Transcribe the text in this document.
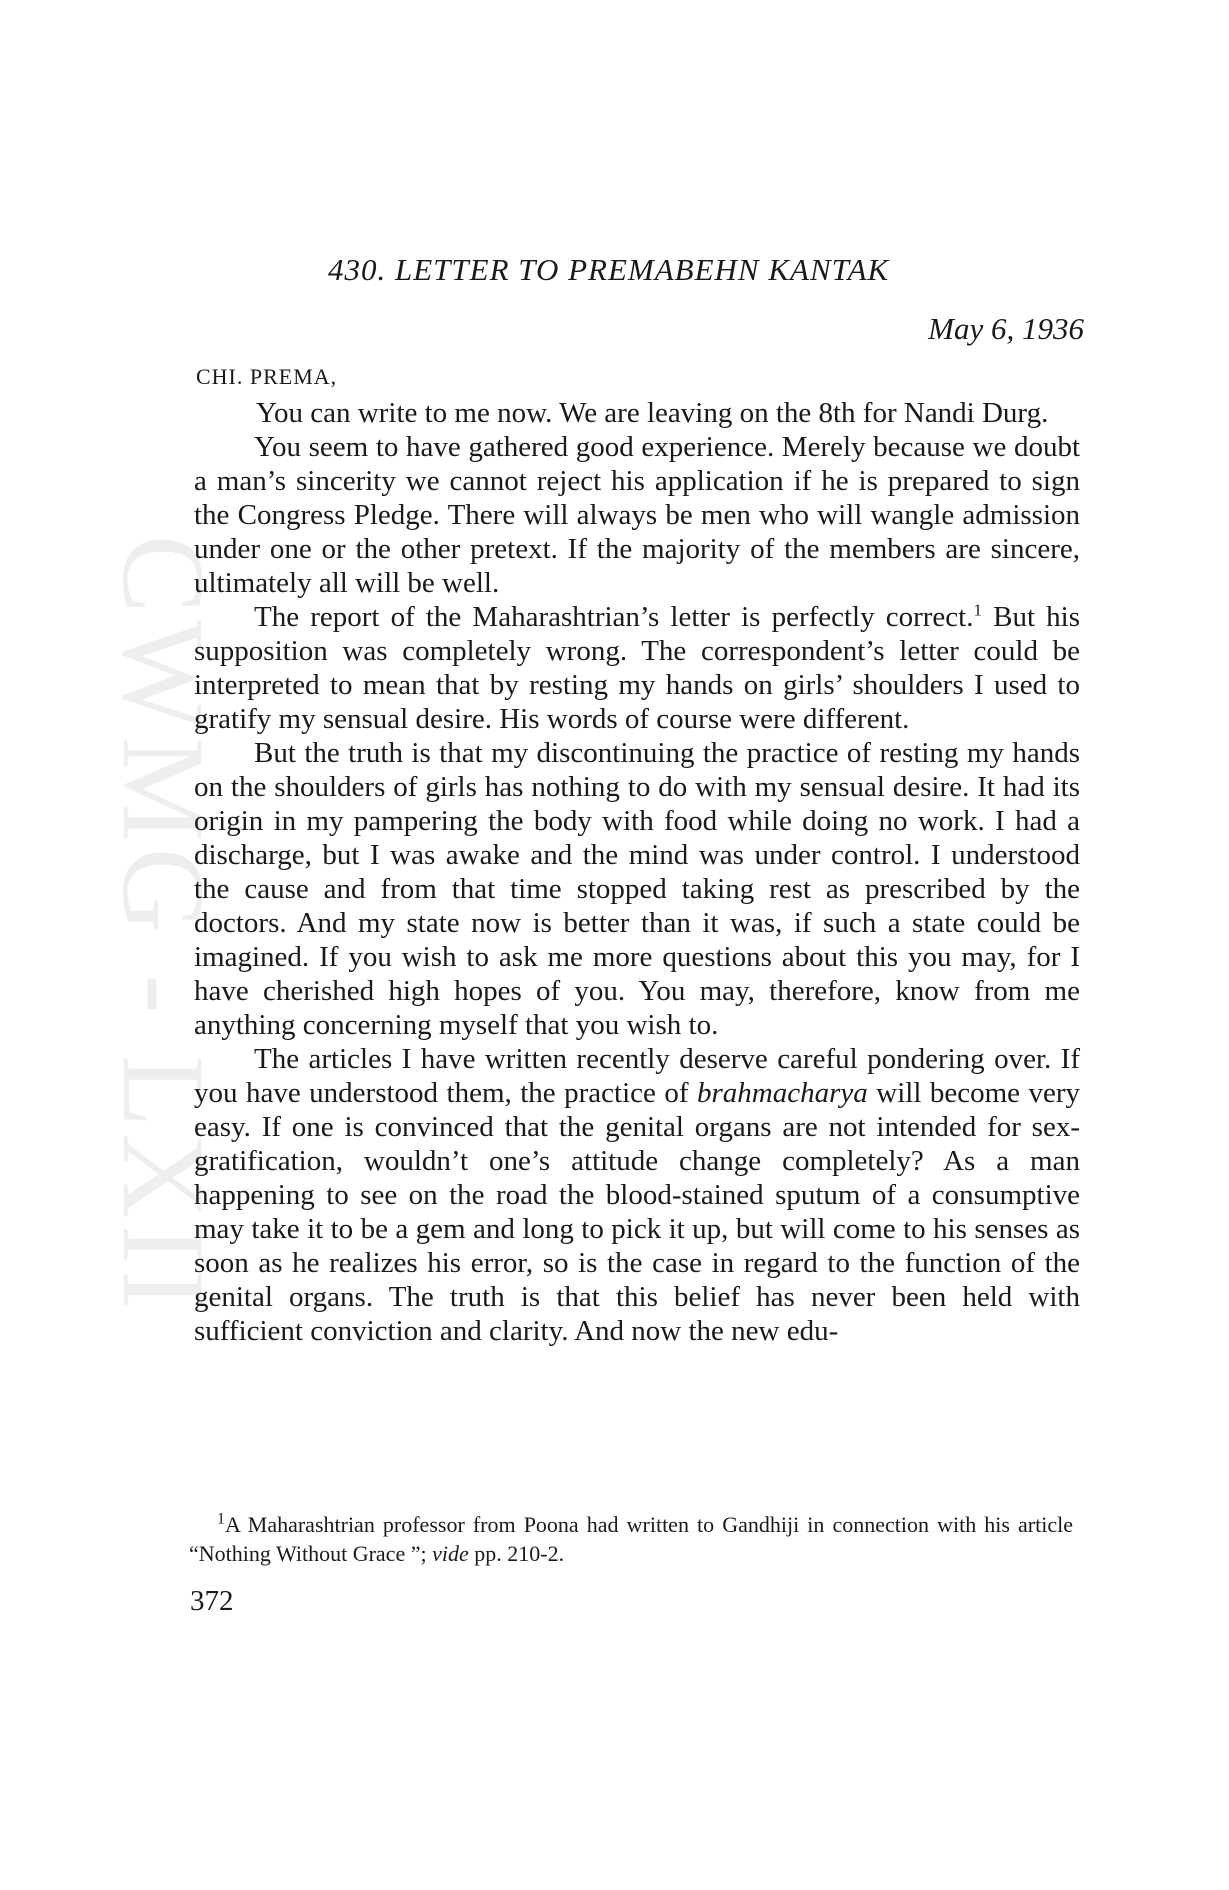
CWMG - LXII
430. LETTER TO PREMABEHN KANTAK
May 6, 1936
CHI. PREMA,

You can write to me now. We are leaving on the 8th for Nandi Durg.

You seem to have gathered good experience. Merely because we doubt a man’s sincerity we cannot reject his application if he is prepared to sign the Congress Pledge. There will always be men who will wangle admission under one or the other pretext. If the majority of the members are sincere, ultimately all will be well.

The report of the Maharashtrian’s letter is perfectly correct.$^1$ But his supposition was completely wrong. The correspondent’s letter could be interpreted to mean that by resting my hands on girls’ shoulders I used to gratify my sensual desire. His words of course were different.

But the truth is that my discontinuing the practice of resting my hands on the shoulders of girls has nothing to do with my sensual desire. It had its origin in my pampering the body with food while doing no work. I had a discharge, but I was awake and the mind was under control. I understood the cause and from that time stopped taking rest as prescribed by the doctors. And my state now is better than it was, if such a state could be imagined. If you wish to ask me more questions about this you may, for I have cherished high hopes of you. You may, therefore, know from me anything concerning myself that you wish to.

The articles I have written recently deserve careful pondering over. If you have understood them, the practice of brahmacharya will become very easy. If one is convinced that the genital organs are not intended for sex-gratification, wouldn’t one’s attitude change completely? As a man happening to see on the road the blood-stained sputum of a consumptive may take it to be a gem and long to pick it up, but will come to his senses as soon as he realizes his error, so is the case in regard to the function of the genital organs. The truth is that this belief has never been held with sufficient conviction and clarity. And now the new edu-

$^1$A Maharashtrian professor from Poona had written to Gandhiji in connection with his article “Nothing Without Grace ”; vide pp. 210-2.
372
